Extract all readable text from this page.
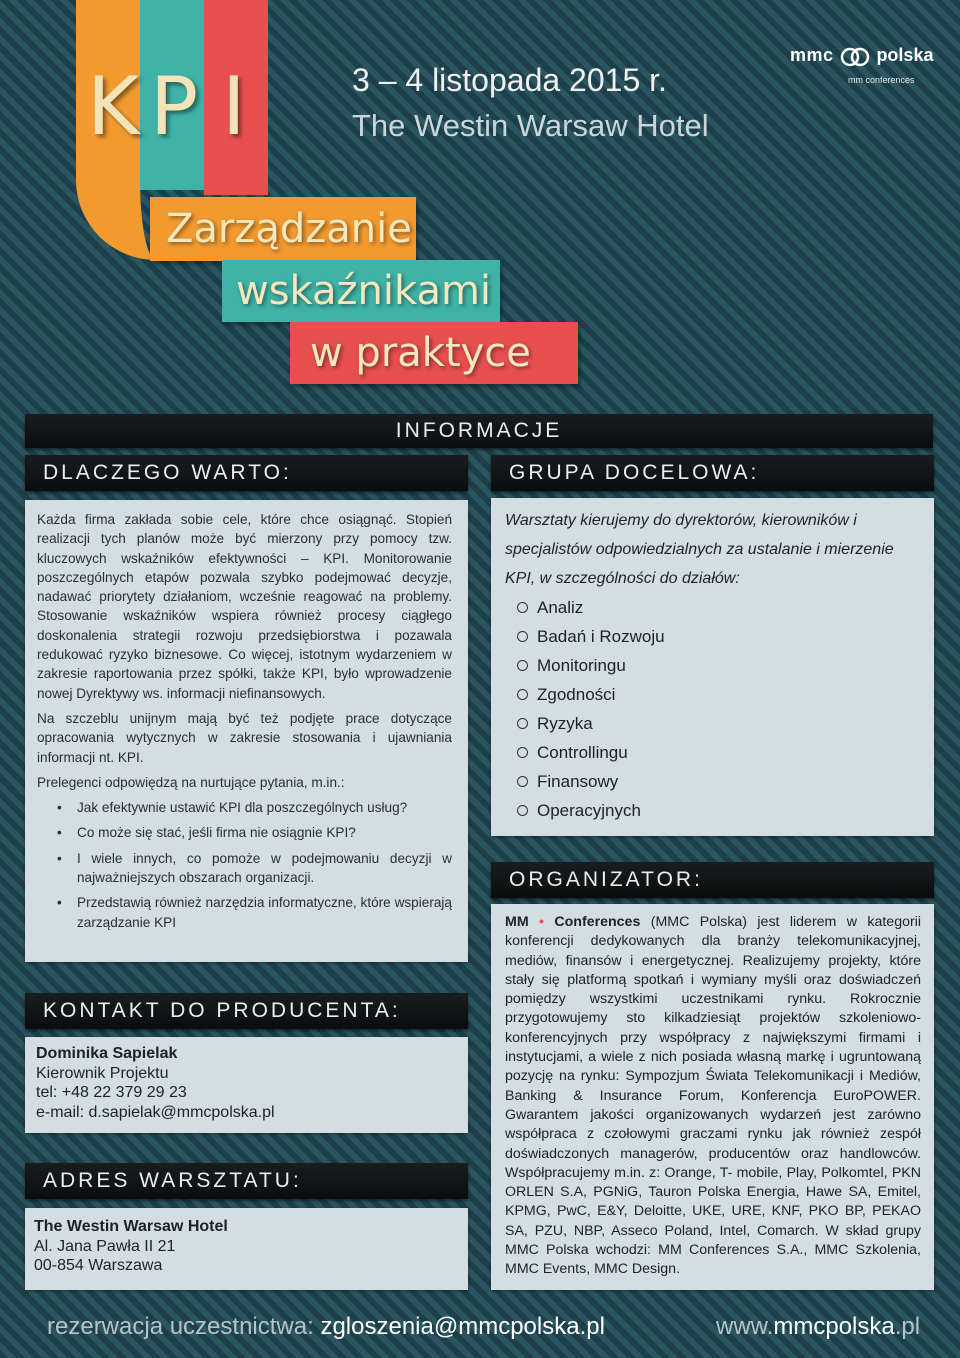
K P I
Zarządzanie
wskaźnikami
w praktyce
3 – 4 listopada 2015 r.
The Westin Warsaw Hotel
mmc polska
mm conferences
INFORMACJE
DLACZEGO WARTO:

Każda firma zakłada sobie cele, które chce osiągnąć. Stopień realizacji tych planów może być mierzony przy pomocy tzw. kluczowych wskaźników efektywności – KPI. Monitorowanie poszczególnych etapów pozwala szybko podejmować decyzje, nadawać priorytety działaniom, wcześnie reagować na problemy. Stosowanie wskaźników wspiera również procesy ciągłego doskonalenia strategii rozwoju przedsiębiorstwa i pozawala redukować ryzyko biznesowe. Co więcej, istotnym wydarzeniem w zakresie raportowania przez spółki, także KPI, było wprowadzenie nowej Dyrektywy ws. informacji niefinansowych.

Na szczeblu unijnym mają być też podjęte prace dotyczące opracowania wytycznych w zakresie stosowania i ujawniania informacji nt. KPI.

Prelegenci odpowiędzą na nurtujące pytania, m.in.:

• Jak efektywnie ustawić KPI dla poszczególnych usług?
• Co może się stać, jeśli firma nie osiągnie KPI?
• I wiele innych, co pomoże w podejmowaniu decyzji w najważniejszych obszarach organizacji.
• Przedstawią również narzędzia informatyczne, które wspierają zarządzanie KPI
GRUPA DOCELOWA:
Warsztaty kierujemy do dyrektorów, kierowników i specjalistów odpowiedzialnych za ustalanie i mierzenie KPI, w szczególności do działów:
Analiz
Badań i Rozwoju
Monitoringu
Zgodności
Ryzyka
Controllingu
Finansowy
Operacyjnych
ORGANIZATOR:
MM • Conferences (MMC Polska) jest liderem w kategorii konferencji dedykowanych dla branży telekomunikacyjnej, mediów, finansów i energetycznej. Realizujemy projekty, które stały się platformą spotkań i wymiany myśli oraz doświadczeń pomiędzy wszystkimi uczestnikami rynku. Rokrocznie przygotowujemy sto kilkadziesiąt projektów szkoleniowo-konferencyjnych przy współpracy z największymi firmami i instytucjami, a wiele z nich posiada własną markę i ugruntowaną pozycję na rynku: Sympozjum Świata Telekomunikacji i Mediów, Banking & Insurance Forum, Konferencja EuroPOWER. Gwarantem jakości organizowanych wydarzeń jest zarówno współpraca z czołowymi graczami rynku jak również zespół doświadczonych managerów, producentów oraz handlowców. Współpracujemy m.in. z: Orange, T- mobile, Play, Polkomtel, PKN ORLEN S.A, PGNiG, Tauron Polska Energia, Hawe SA, Emitel, KPMG, PwC, E&Y, Deloitte, UKE, URE, KNF, PKO BP, PEKAO SA, PZU, NBP, Asseco Poland, Intel, Comarch. W skład grupy MMC Polska wchodzi: MM Conferences S.A., MMC Szkolenia, MMC Events, MMC Design.
KONTAKT DO PRODUCENTA:
Dominika Sapielak
Kierownik Projektu
tel: +48 22 379 29 23
e-mail: d.sapielak@mmcpolska.pl
ADRES WARSZTATU:
The Westin Warsaw Hotel
Al. Jana Pawła II 21
00-854 Warszawa
rezerwacja uczestnictwa: zgloszenia@mmcpolska.pl	www.mmcpolska.pl
